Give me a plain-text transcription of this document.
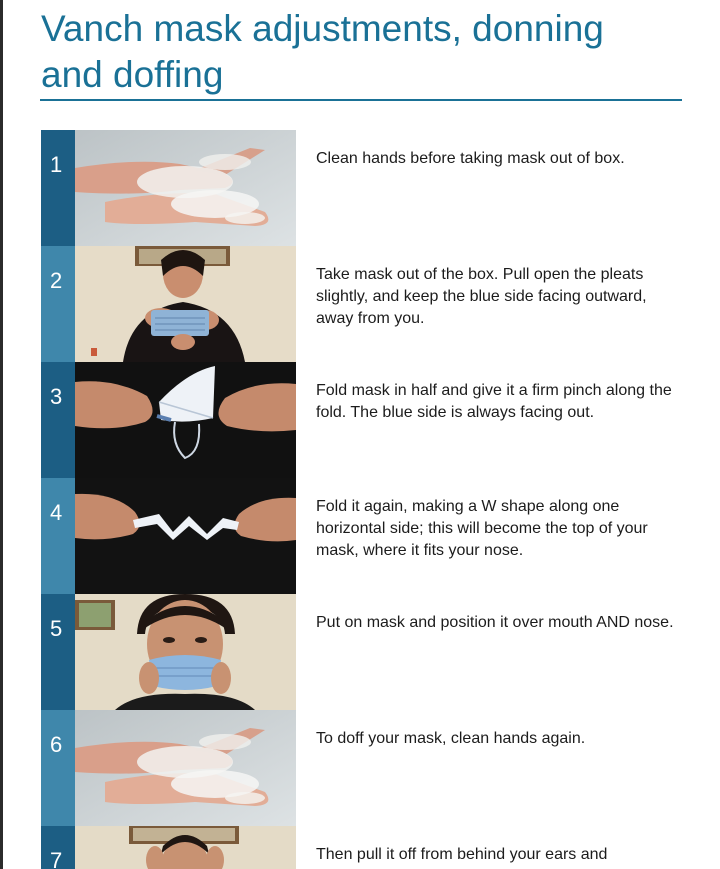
Vanch mask adjustments, donning
and doffing
1	Clean hands before taking mask out of box.

2	Take mask out of the box. Pull open the pleats slightly, and keep the blue side facing outward, away from you.

3	Fold mask in half and give it a firm pinch along the fold. The blue side is always facing out.

4	Fold it again, making a W shape along one horizontal side; this will become the top of your mask, where it fits your nose.

5	Put on mask and position it over mouth AND nose.

6	To doff your mask, clean hands again.

7	Then pull it off from behind your ears and
